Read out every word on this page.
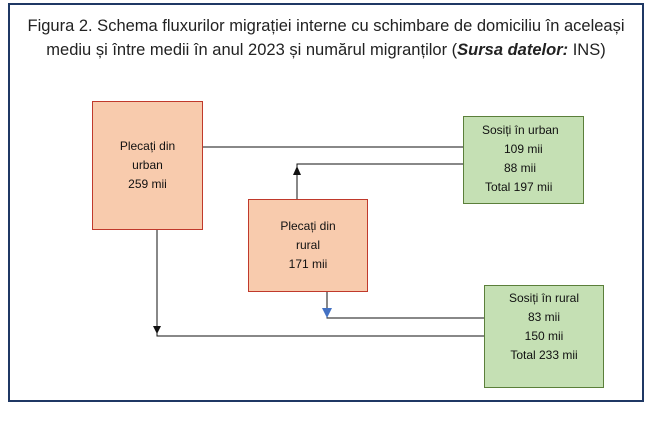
Figura 2. Schema fluxurilor migrației interne cu schimbare de domiciliu în aceleași mediu și între medii în anul 2023 și numărul migranților (Sursa datelor: INS)
Plecați din
urban
259 mii
Plecați din
rural
171 mii
Sosiți în urban
109 mii
88 mii
Total 197 mii
Sosiți în rural
83 mii
150 mii
Total 233 mii
